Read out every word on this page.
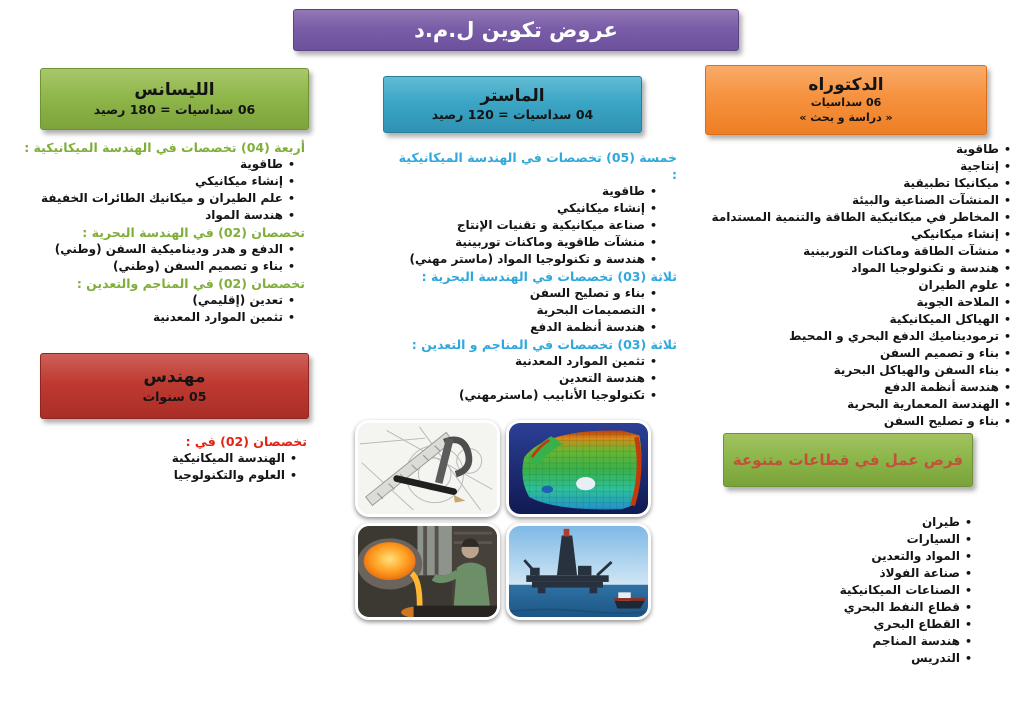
عروض تكوين ل.م.د
الليسانس
06 سداسيات = 180 رصيد
أربعة (04) تخصصات في الهندسة الميكانيكية :
•طاقوية
•إنشاء ميكانيكي
•علم الطيران و ميكانيك الطائرات الخفيفة
•هندسة المواد
تخصصان (02) في الهندسة البحرية :
•الدفع و هدر وديناميكية السفن (وطني)
•بناء و تصميم السفن (وطني)
تخصصان (02) في المناجم والتعدين :
•تعدين (إقليمي)
•تثمين الموارد المعدنية
مهندس
05 سنوات
تخصصان (02) في :
•الهندسة الميكانيكية
•العلوم والتكنولوجيا
الماستر
04 سداسيات = 120 رصيد
خمسة (05) تخصصات في الهندسة الميكانيكية :
•طاقوية
•إنشاء ميكانيكي
•صناعة ميكانيكية و تقنيات الإنتاج
•منشآت طاقوية وماكنات توربينية
•هندسة و تكنولوجيا المواد (ماستر مهني)
ثلاثة (03) تخصصات في الهندسة البحرية :
•بناء و تصليح السفن
•التصميمات البحرية
•هندسة أنظمة الدفع
ثلاثة (03) تخصصات في المناجم و التعدين :
•تثمين الموارد المعدنية
•هندسة التعدين
•تكنولوجيا الأنابيب (ماسترمهني)
الدكتوراه
06 سداسيات
« دراسة و بحث »
•طاقوية
•إنتاجية
•ميكانيكا تطبيقية
•المنشآت الصناعية والبيئة
•المخاطر في ميكانيكية الطاقة والتنمية المستدامة
•إنشاء ميكانيكي
•منشآت الطاقة وماكنات التوربينية
•هندسة و تكنولوجيا المواد
•علوم الطيران
•الملاحة الجوية
•الهياكل الميكانيكية
•ترموديناميك الدفع البحري و المحيط
•بناء و تصميم السفن
•بناء السفن والهياكل البحرية
•هندسة أنظمة الدفع
•الهندسة المعمارية البحرية
•بناء و تصليح السفن
فرص عمل في قطاعات متنوعة
•طيران
•السيارات
•المواد والتعدين
•صناعة الفولاذ
•الصناعات الميكانيكية
•قطاع النفط البحري
•القطاع البحري
•هندسة المناجم
•التدريس
